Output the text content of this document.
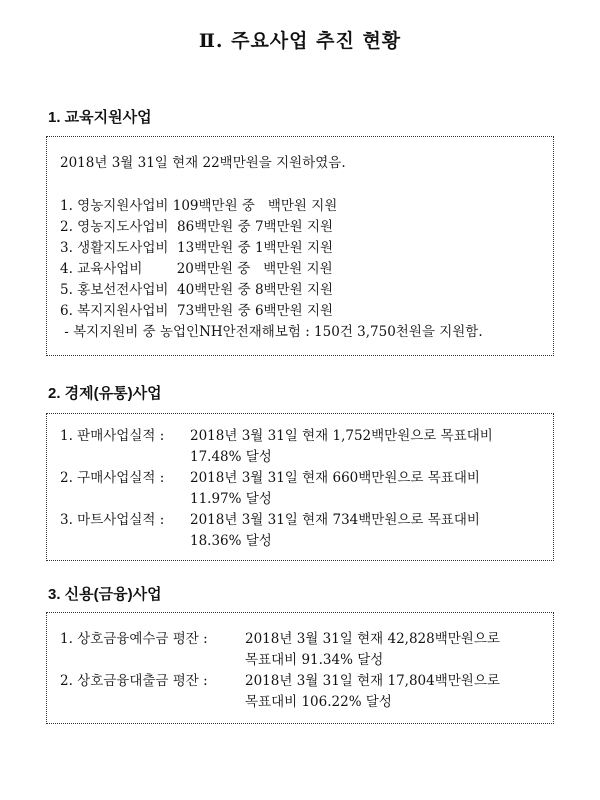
Ⅱ. 주요사업 추진 현황
1. 교육지원사업
2018년 3월 31일 현재 22백만원을 지원하였음.
1. 영농지원사업비 109백만원 중   백만원 지원
2. 영농지도사업비  86백만원 중 7백만원 지원
3. 생활지도사업비  13백만원 중 1백만원 지원
4. 교육사업비        20백만원 중   백만원 지원
5. 홍보선전사업비  40백만원 중 8백만원 지원
6. 복지지원사업비  73백만원 중 6백만원 지원
- 복지지원비 중 농업인NH안전재해보험 : 150건 3,750천원을 지원함.
2. 경제(유통)사업
1. 판매사업실적 : 2018년 3월 31일 현재 1,752백만원으로 목표대비
17.48% 달성
2. 구매사업실적 : 2018년 3월 31일 현재 660백만원으로 목표대비
11.97% 달성
3. 마트사업실적 : 2018년 3월 31일 현재 734백만원으로 목표대비
18.36% 달성
3. 신용(금융)사업
1. 상호금융예수금 평잔 :	2018년 3월 31일 현재 42,828백만원으로
목표대비 91.34% 달성
2. 상호금융대출금 평잔 :	2018년 3월 31일 현재 17,804백만원으로
목표대비 106.22% 달성
